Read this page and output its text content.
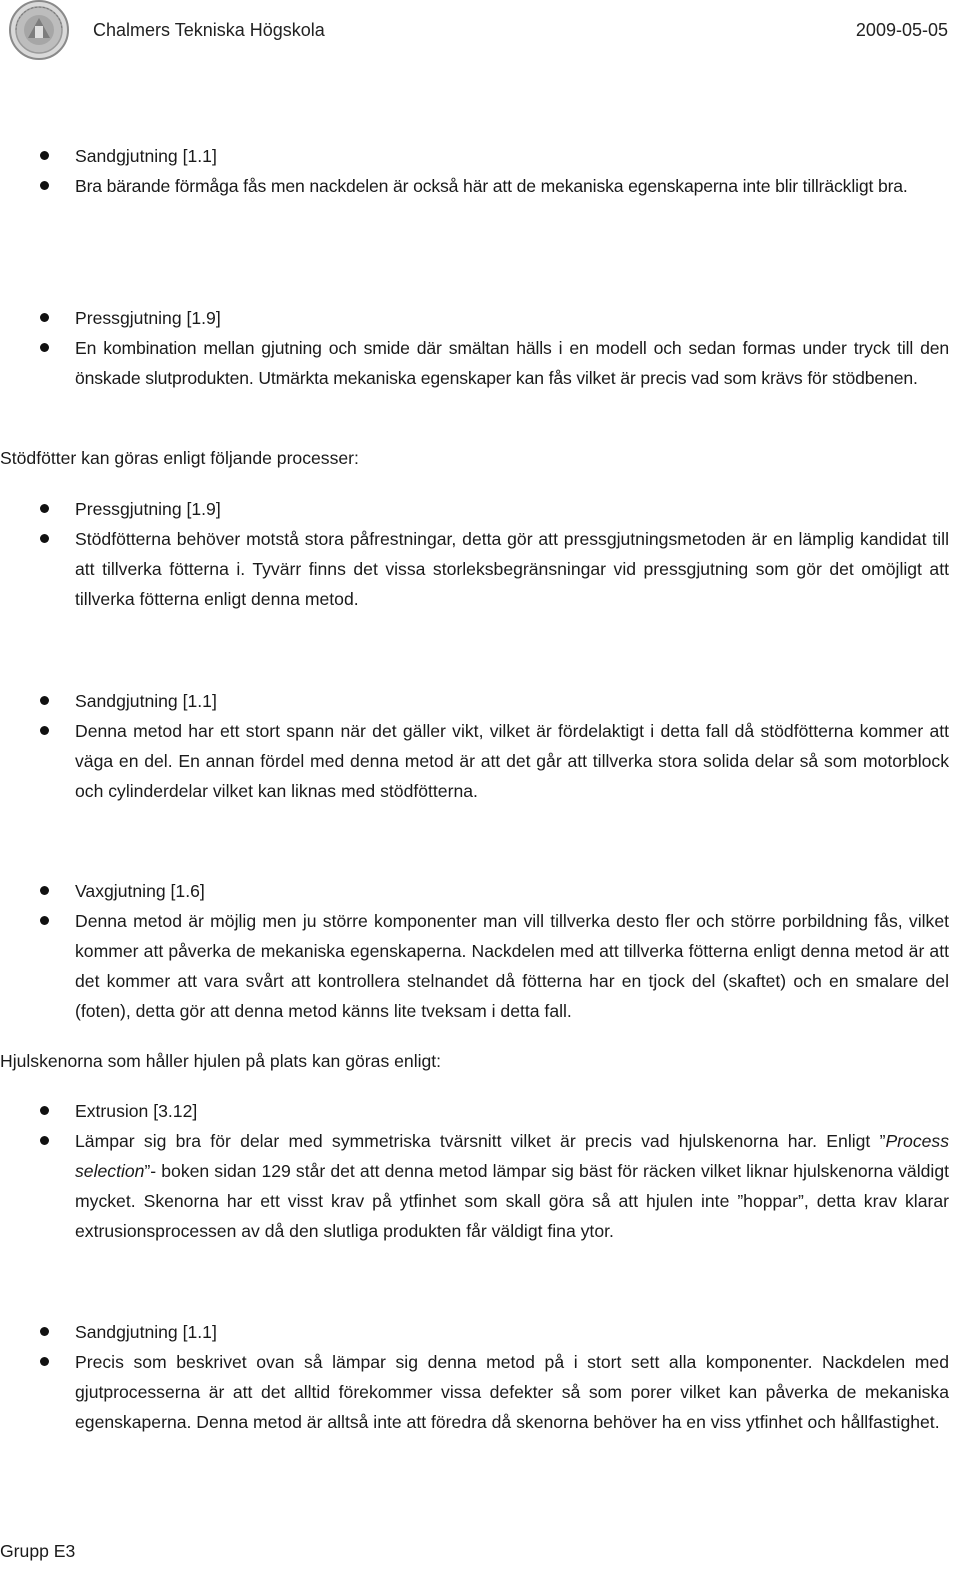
Chalmers Tekniska Högskola	2009-05-05
Sandgjutning [1.1]
Bra bärande förmåga fås men nackdelen är också här att de mekaniska egenskaperna inte blir tillräckligt bra.
Pressgjutning [1.9]
En kombination mellan gjutning och smide där smältan hälls i en modell och sedan formas under tryck till den önskade slutprodukten. Utmärkta mekaniska egenskaper kan fås vilket är precis vad som krävs för stödbenen.
Stödfötter kan göras enligt följande processer:
Pressgjutning [1.9]
Stödfötterna behöver motstå stora påfrestningar, detta gör att pressgjutningsmetoden är en lämplig kandidat till att tillverka fötterna i. Tyvärr finns det vissa storleksbegränsningar vid pressgjutning som gör det omöjligt att tillverka fötterna enligt denna metod.
Sandgjutning [1.1]
Denna metod har ett stort spann när det gäller vikt, vilket är fördelaktigt i detta fall då stödfötterna kommer att väga en del. En annan fördel med denna metod är att det går att tillverka stora solida delar så som motorblock och cylinderdelar vilket kan liknas med stödfötterna.
Vaxgjutning [1.6]
Denna metod är möjlig men ju större komponenter man vill tillverka desto fler och större porbildning fås, vilket kommer att påverka de mekaniska egenskaperna. Nackdelen med att tillverka fötterna enligt denna metod är att det kommer att vara svårt att kontrollera stelnandet då fötterna har en tjock del (skaftet) och en smalare del (foten), detta gör att denna metod känns lite tveksam i detta fall.
Hjulskenorna som håller hjulen på plats kan göras enligt:
Extrusion [3.12]
Lämpar sig bra för delar med symmetriska tvärsnitt vilket är precis vad hjulskenorna har. Enligt ”Process selection”- boken sidan 129 står det att denna metod lämpar sig bäst för räcken vilket liknar hjulskenorna väldigt mycket. Skenorna har ett visst krav på ytfinhet som skall göra så att hjulen inte ”hoppar”, detta krav klarar extrusionsprocessen av då den slutliga produkten får väldigt fina ytor.
Sandgjutning [1.1]
Precis som beskrivet ovan så lämpar sig denna metod på i stort sett alla komponenter. Nackdelen med gjutprocesserna är att det alltid förekommer vissa defekter så som porer vilket kan påverka de mekaniska egenskaperna. Denna metod är alltså inte att föredra då skenorna behöver ha en viss ytfinhet och hållfastighet.
Grupp E3
